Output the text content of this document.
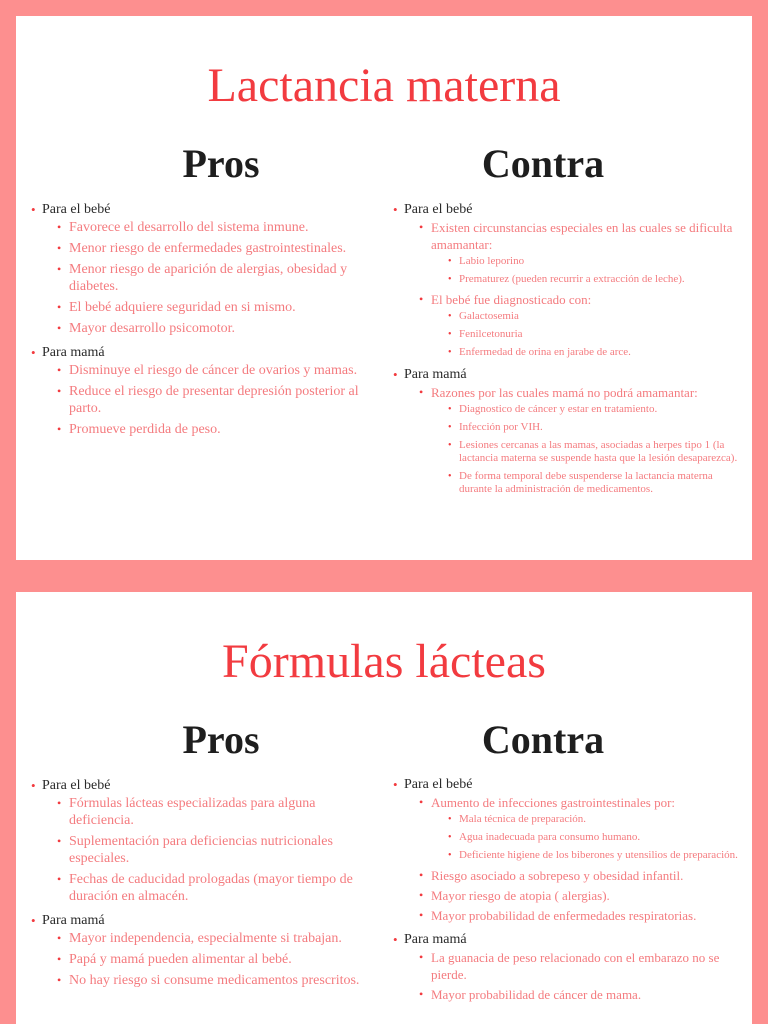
Lactancia materna
Pros	Contra
• Para el bebé
• Favorece el desarrollo del sistema inmune.
• Menor riesgo de enfermedades gastrointestinales.
• Menor riesgo de aparición de alergias, obesidad y diabetes.
• El bebé adquiere seguridad en si mismo.
• Mayor desarrollo psicomotor.
• Para mamá
• Disminuye el riesgo de cáncer de ovarios y mamas.
• Reduce el riesgo de presentar depresión posterior al parto.
• Promueve perdida de peso.
• Para el bebé
• Existen circunstancias especiales en las cuales se dificulta amamantar:
• Labio leporino
• Prematurez (pueden recurrir a extracción de leche).
• El bebé fue diagnosticado con:
• Galactosemia
• Fenilcetonuria
• Enfermedad de orina en jarabe de arce.
• Para mamá
• Razones por las cuales mamá no podrá amamantar:
• Diagnostico de cáncer y estar en tratamiento.
• Infección por VIH.
• Lesiones cercanas a las mamas, asociadas a herpes tipo 1 (la lactancia materna se suspende hasta que la lesión desaparezca).
• De forma temporal debe suspenderse la lactancia materna durante la administración de medicamentos.
Fórmulas lácteas
Pros	Contra
• Para el bebé
• Fórmulas lácteas especializadas para alguna deficiencia.
• Suplementación para deficiencias nutricionales especiales.
• Fechas de caducidad prologadas (mayor tiempo de duración en almacén.
• Para mamá
• Mayor independencia, especialmente si trabajan.
• Papá y mamá pueden alimentar al bebé.
• No hay riesgo si consume medicamentos prescritos.
• Para el bebé
• Aumento de infecciones gastrointestinales por:
• Mala técnica de preparación.
• Agua inadecuada para consumo humano.
• Deficiente higiene de los biberones y utensilios de preparación.
• Riesgo asociado a sobrepeso y obesidad infantil.
• Mayor riesgo de atopia ( alergias).
• Mayor probabilidad de enfermedades respiratorias.
• Para mamá
• La guanacia de peso relacionado con el embarazo no se pierde.
• Mayor probabilidad de cáncer de mama.
